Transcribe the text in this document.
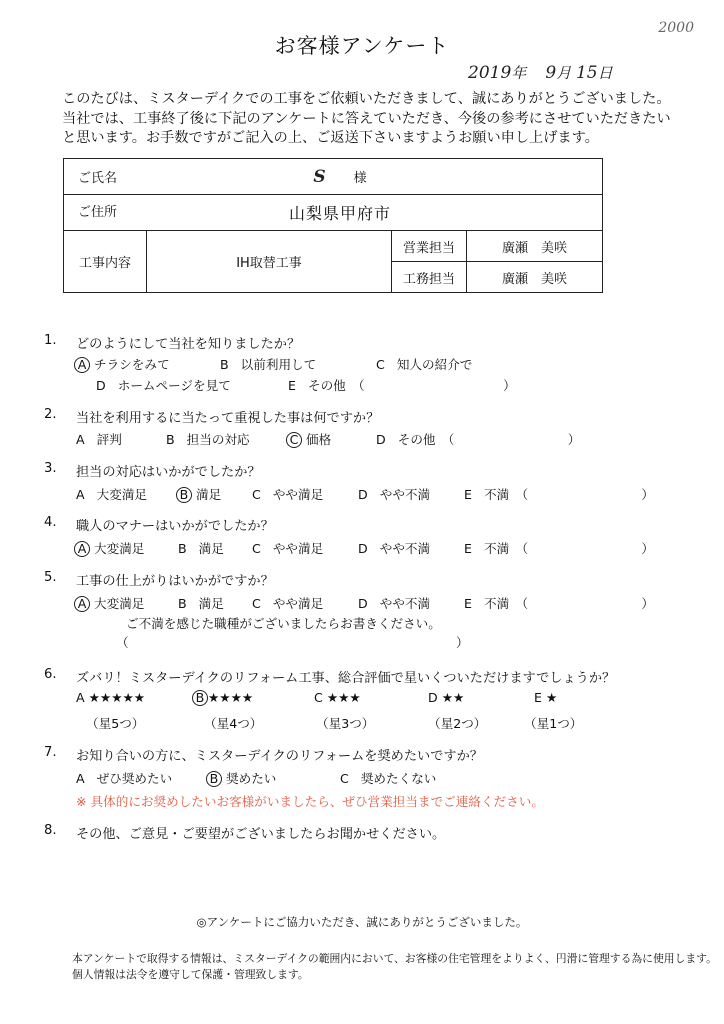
2000
お客様アンケート
2019年 9月 15日
このたびは、ミスターデイクでの工事をご依頼いただきまして、誠にありがとうございました。
当社では、工事終了後に下記のアンケートに答えていただき、今後の参考にさせていただきたい
と思います。お手数ですがご記入の上、ご返送下さいますようお願い申し上げます。
ご氏名 S 様			

ご住所 山梨県甲府市			
工事内容	IH取替工事	営業担当	廣瀬　美咲
		工務担当	廣瀬　美咲
1. どのようにして当社を知りましたか？
A チラシをみて	B 以前利用して	C 知人の紹介で
D ホームページを見て	E その他　（　　　　　　　　　　　）
2. 当社を利用するに当たって重視した事は何ですか？
A 評判	B 担当の対応	C 価格	D その他　（　　　　　　　　　）
3. 担当の対応はいかがでしたか？
A 大変満足	B 満足 C やや満足	D やや不満	E 不満　（　　　　　　　　　）
4. 職人のマナーはいかがでしたか？
A 大変満足	B 満足 C やや満足	D やや不満	E 不満　（　　　　　　　　　）
5. 工事の仕上がりはいかがですか？
A 大変満足	B 満足 C やや満足	D やや不満	E 不満　（　　　　　　　　　）
ご不満を感じた職種がございましたらお書きください。
（　　　　　　　　　　　　　　　　　　　　　　　　　　）
6. ズバリ！ミスターデイクのリフォーム工事、総合評価で星いくついただけますでしょうか？
A ★★★★★	B ★★★★	C ★★★	D ★★	E ★
（星5つ）	（星4つ）	（星3つ）	（星2つ）	（星1つ）
7. お知り合いの方に、ミスターデイクのリフォームを奨めたいですか？
A ぜひ奨めたい	B 奨めたい	C 奨めたくない
※ 具体的にお奨めしたいお客様がいましたら、ぜひ営業担当までご連絡ください。
8. その他、ご意見・ご要望がございましたらお聞かせください。
◎アンケートにご協力いただき、誠にありがとうございました。
本アンケートで取得する情報は、ミスターデイクの範囲内において、お客様の住宅管理をよりよく、円滑に管理する為に使用します。
個人情報は法令を遵守して保護・管理致します。
